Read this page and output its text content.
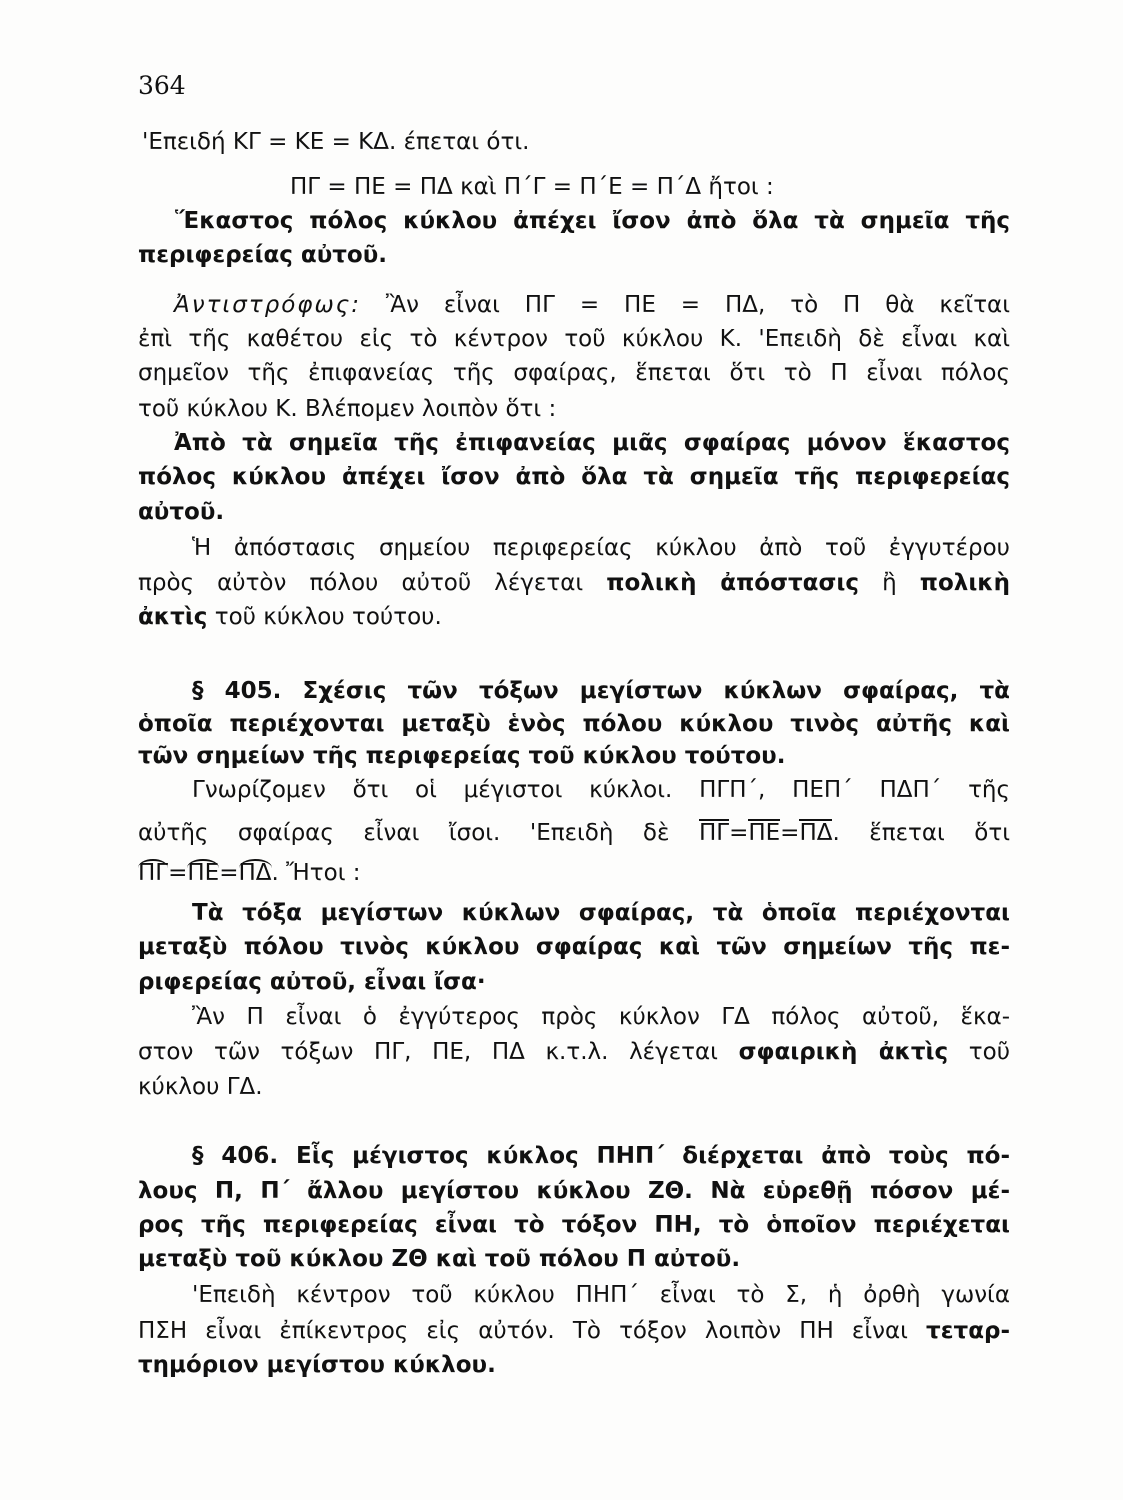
364
'Επειδή ΚΓ = ΚΕ = ΚΔ. έπεται ότι.
ΠΓ = ΠΕ = ΠΔ καὶ Π΄Γ = Π΄Ε = Π΄Δ ἤτοι :
Ἕκαστος πόλος κύκλου ἀπέχει ἴσον ἀπὸ ὅλα τὰ σημεῖα τῆς
περιφερείας αὐτοῦ.
Ἀντιστρόφως: Ἂν εἶναι ΠΓ = ΠΕ = ΠΔ, τὸ Π θὰ κεῖται
ἐπὶ τῆς καθέτου εἰς τὸ κέντρον τοῦ κύκλου Κ. 'Επειδὴ δὲ εἶναι καὶ
σημεῖον τῆς ἐπιφανείας τῆς σφαίρας, ἕπεται ὅτι τὸ Π εἶναι πόλος
τοῦ κύκλου Κ. Βλέπομεν λοιπὸν ὅτι :
Ἀπὸ τὰ σημεῖα τῆς ἐπιφανείας μιᾶς σφαίρας μόνον ἕκαστος
πόλος κύκλου ἀπέχει ἴσον ἀπὸ ὅλα τὰ σημεῖα τῆς περιφερείας
αὐτοῦ.
Ἡ ἀπόστασις σημείου περιφερείας κύκλου ἀπὸ τοῦ ἐγγυτέρου
πρὸς αὐτὸν πόλου αὐτοῦ λέγεται πολικὴ ἀπόστασις ἢ πολικὴ
ἀκτὶς τοῦ κύκλου τούτου.
§ 405. Σχέσις τῶν τόξων μεγίστων κύκλων σφαίρας, τὰ
ὁποῖα περιέχονται μεταξὺ ἑνὸς πόλου κύκλου τινὸς αὐτῆς καὶ
τῶν σημείων τῆς περιφερείας τοῦ κύκλου τούτου.
Γνωρίζομεν ὅτι οἱ μέγιστοι κύκλοι. ΠΓΠ΄, ΠΕΠ΄ ΠΔΠ΄ τῆς
αὐτῆς σφαίρας εἶναι ἴσοι. 'Επειδὴ δὲ ΠΓ=ΠΕ=ΠΔ. ἕπεται ὅτι
ΠΓ=ΠΕ=ΠΔ. Ἤτοι :
Τὰ τόξα μεγίστων κύκλων σφαίρας, τὰ ὁποῖα περιέχονται
μεταξὺ πόλου τινὸς κύκλου σφαίρας καὶ τῶν σημείων τῆς πε-
ριφερείας αὐτοῦ, εἶναι ἴσα·
Ἂν Π εἶναι ὁ ἐγγύτερος πρὸς κύκλον ΓΔ πόλος αὐτοῦ, ἕκα-
στον τῶν τόξων ΠΓ, ΠΕ, ΠΔ κ.τ.λ. λέγεται σφαιρικὴ ἀκτὶς τοῦ
κύκλου ΓΔ.
§ 406. Εἷς μέγιστος κύκλος ΠΗΠ΄ διέρχεται ἀπὸ τοὺς πό-
λους Π, Π΄ ἄλλου μεγίστου κύκλου ΖΘ. Νὰ εὑρεθῇ πόσον μέ-
ρος τῆς περιφερείας εἶναι τὸ τόξον ΠΗ, τὸ ὁποῖον περιέχεται
μεταξὺ τοῦ κύκλου ΖΘ καὶ τοῦ πόλου Π αὐτοῦ.
'Επειδὴ κέντρον τοῦ κύκλου ΠΗΠ΄ εἶναι τὸ Σ, ἡ ὀρθὴ γωνία
ΠΣΗ εἶναι ἐπίκεντρος εἰς αὐτόν. Τὸ τόξον λοιπὸν ΠΗ εἶναι τεταρ-
τημόριον μεγίστου κύκλου.
